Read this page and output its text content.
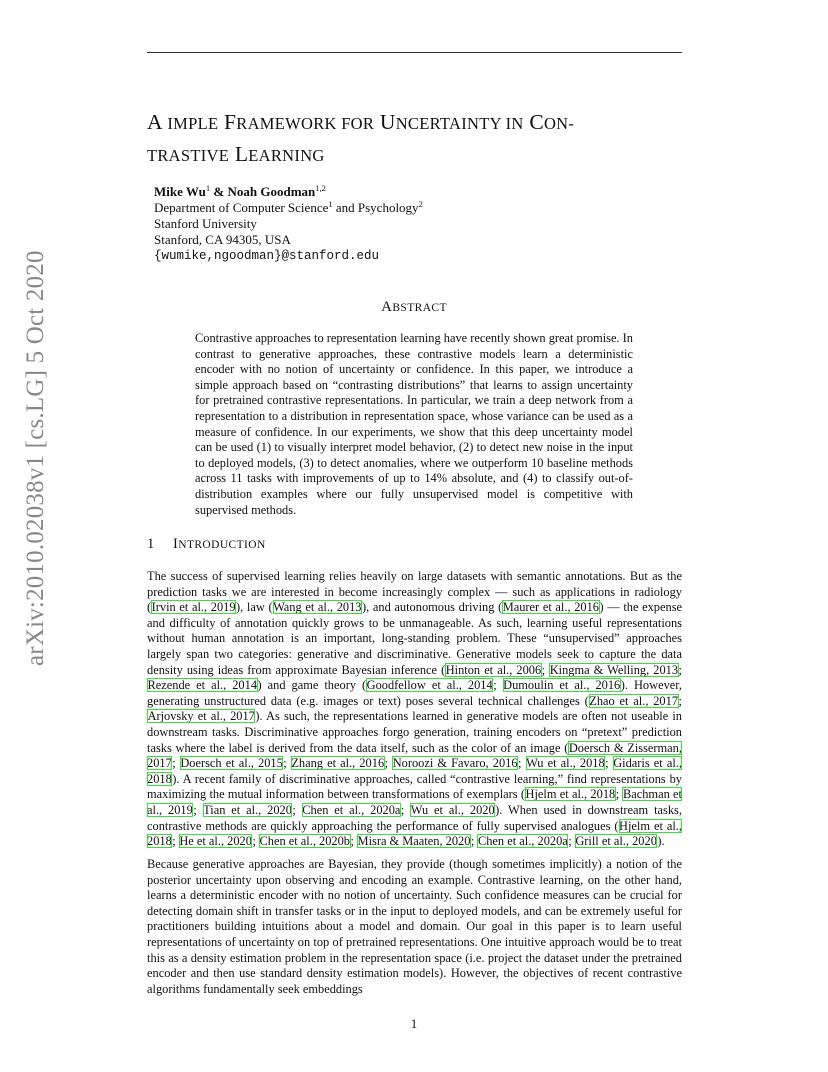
A IMPLE FRAMEWORK FOR UNCERTAINTY IN CON-
TRASTIVE LEARNING
Mike Wu$^1$ & Noah Goodman$^{1,2}$
Department of Computer Science$^1$ and Psychology$^2$
Stanford University
Stanford, CA 94305, USA
{wumike,ngoodman}@stanford.edu
ABSTRACT

Contrastive approaches to representation learning have recently shown great promise. In contrast to generative approaches, these contrastive models learn a deterministic encoder with no notion of uncertainty or confidence. In this paper, we introduce a simple approach based on “contrasting distributions” that learns to assign uncertainty for pretrained contrastive representations. In particular, we train a deep network from a representation to a distribution in representation space, whose variance can be used as a measure of confidence. In our experiments, we show that this deep uncertainty model can be used (1) to visually interpret model behavior, (2) to detect new noise in the input to deployed models, (3) to detect anomalies, where we outperform 10 baseline methods across 11 tasks with improvements of up to 14% absolute, and (4) to classify out-of-distribution examples where our fully unsupervised model is competitive with supervised methods.

1 INTRODUCTION

The success of supervised learning relies heavily on large datasets with semantic annotations. But as the prediction tasks we are interested in become increasingly complex — such as applications in radiology (Irvin et al., 2019), law (Wang et al., 2013), and autonomous driving (Maurer et al., 2016) — the expense and difficulty of annotation quickly grows to be unmanageable. As such, learning useful representations without human annotation is an important, long-standing problem. These “unsupervised” approaches largely span two categories: generative and discriminative. Generative models seek to capture the data density using ideas from approximate Bayesian inference (Hinton et al., 2006; Kingma & Welling, 2013; Rezende et al., 2014) and game theory (Goodfellow et al., 2014; Dumoulin et al., 2016). However, generating unstructured data (e.g. images or text) poses several technical challenges (Zhao et al., 2017; Arjovsky et al., 2017). As such, the representations learned in generative models are often not useable in downstream tasks. Discriminative approaches forgo generation, training encoders on “pretext” prediction tasks where the label is derived from the data itself, such as the color of an image (Doersch & Zisserman, 2017; Doersch et al., 2015; Zhang et al., 2016; Noroozi & Favaro, 2016; Wu et al., 2018; Gidaris et al., 2018). A recent family of discriminative approaches, called “contrastive learning,” find representations by maximizing the mutual information between transformations of exemplars (Hjelm et al., 2018; Bachman et al., 2019; Tian et al., 2020; Chen et al., 2020a; Wu et al., 2020). When used in downstream tasks, contrastive methods are quickly approaching the performance of fully supervised analogues (Hjelm et al., 2018; He et al., 2020; Chen et al., 2020b; Misra & Maaten, 2020; Chen et al., 2020a; Grill et al., 2020).

Because generative approaches are Bayesian, they provide (though sometimes implicitly) a notion of the posterior uncertainty upon observing and encoding an example. Contrastive learning, on the other hand, learns a deterministic encoder with no notion of uncertainty. Such confidence measures can be crucial for detecting domain shift in transfer tasks or in the input to deployed models, and can be extremely useful for practitioners building intuitions about a model and domain. Our goal in this paper is to learn useful representations of uncertainty on top of pretrained representations. One intuitive approach would be to treat this as a density estimation problem in the representation space (i.e. project the dataset under the pretrained encoder and then use standard density estimation models). However, the objectives of recent contrastive algorithms fundamentally seek embeddings

arXiv:2010.02038v1 [cs.LG] 5 Oct 2020
1
